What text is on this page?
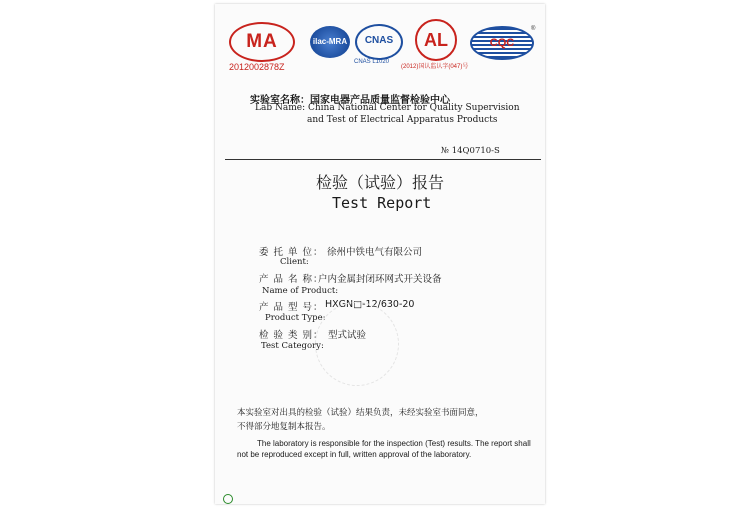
MA
2012002878Z
ilac-MRA	CNAS
CNAS L1020
AL
(2012)国认监认字(047)号
CQC
®
实验室名称：国家电器产品质量监督检验中心
Lab Name: China National Center for Quality Supervision
and Test of Electrical Apparatus Products
№ 14Q0710-S
检验（试验）报告
Test Report
委 托 单 位： 徐州中铁电气有限公司
Client:
产 品 名 称：
户内金属封闭环网式开关设备
Name of Product:
产 品 型 号： HXGN□-12/630-20
Product Type:
检 验 类 别： 型式试验
Test Category:
本实验室对出具的检验（试验）结果负责，未经实验室书面同意，
不得部分地复制本报告。
The laboratory is responsible for the inspection (Test) results. The report shall
not be reproduced except in full, written approval of the laboratory.
